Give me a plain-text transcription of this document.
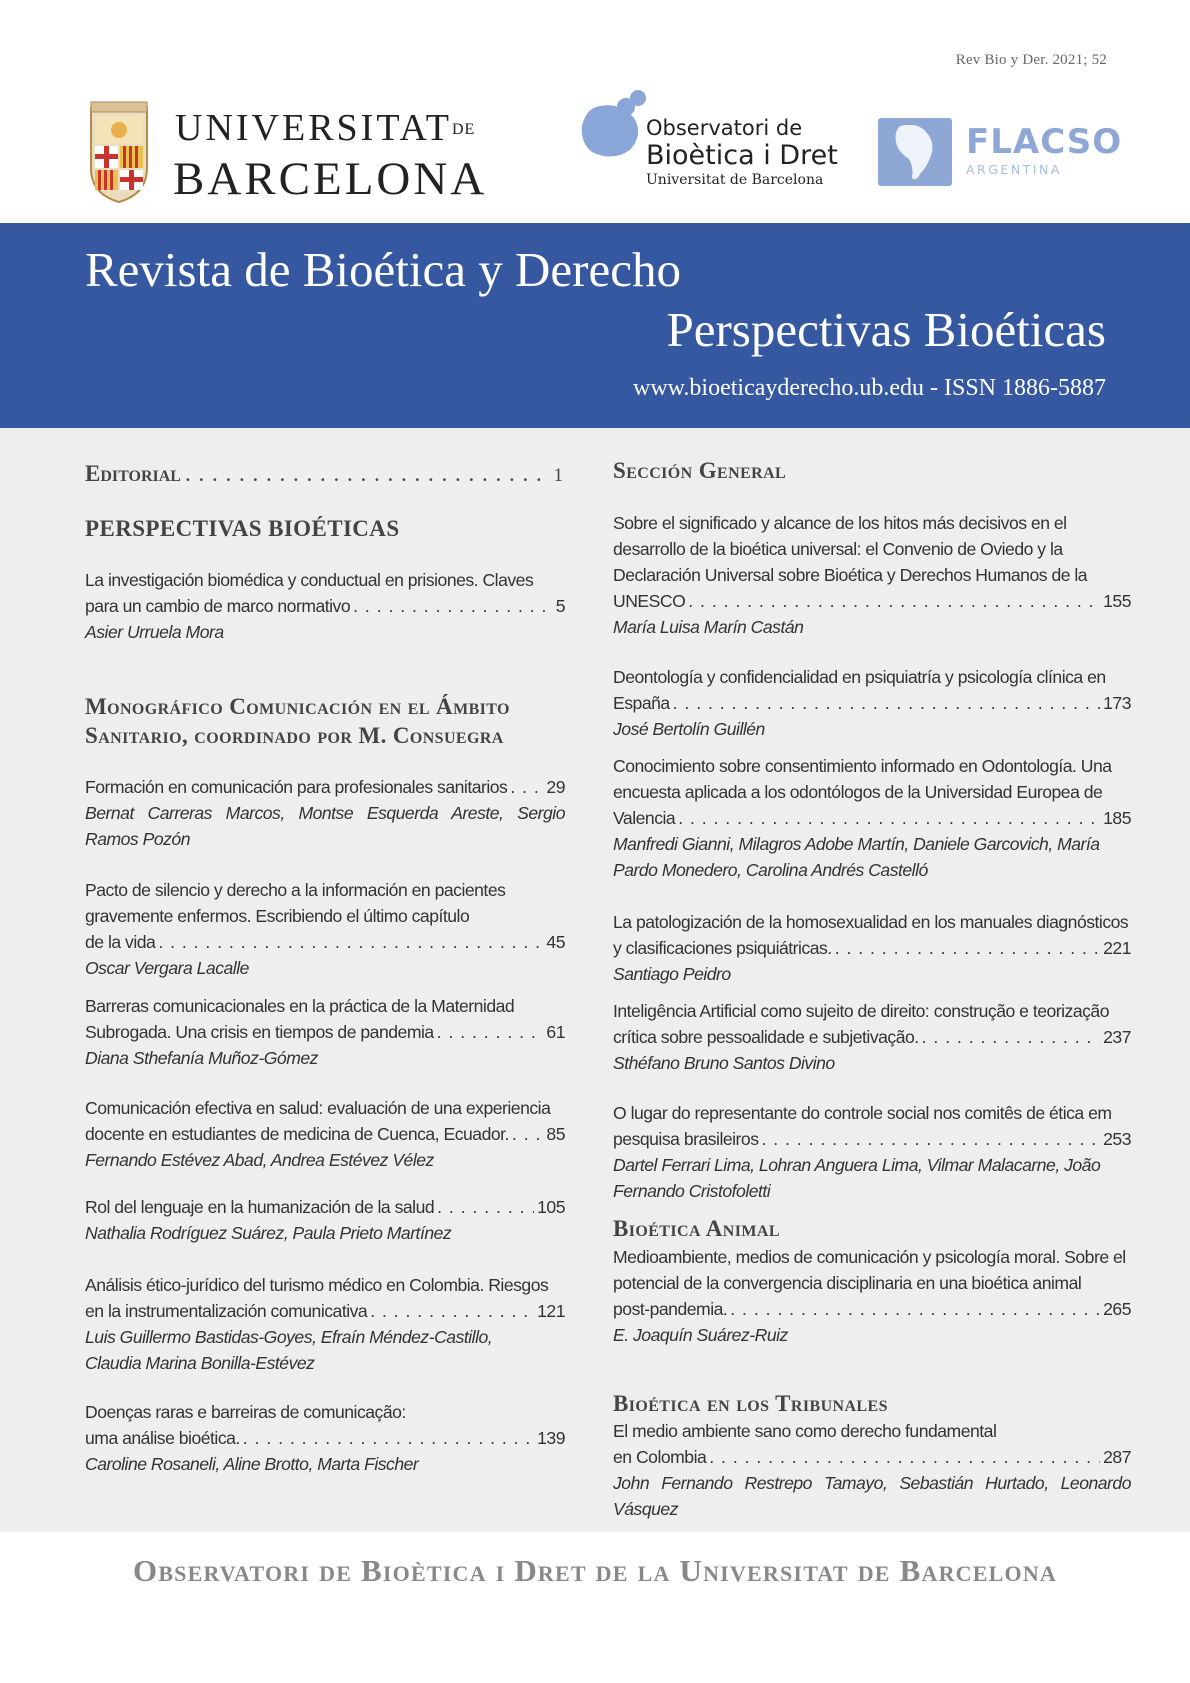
Rev Bio y Der. 2021; 52
UNIVERSITATDE
BARCELONA
Observatori de
Bioètica i Dret
Universitat de Barcelona
FLACSO
ARGENTINA
Revista de Bioética y Derecho
Perspectivas Bioéticas
www.bioeticayderecho.ub.edu - ISSN 1886-5887
Editorial . . .	1
PERSPECTIVAS BIOÉTICAS
La investigación biomédica y conductual en prisiones. Claves
para un cambio de marco normativo . . .	5
Asier Urruela Mora
Monográfico Comunicación en el Ámbito
Sanitario, coordinado por M. Consuegra
Formación en comunicación para profesionales sanitarios . . . 29
Bernat Carreras Marcos, Montse Esquerda Areste, Sergio
Ramos Pozón
Pacto de silencio y derecho a la información en pacientes
gravemente enfermos. Escribiendo el último capítulo
de la vida . . .	45
Oscar Vergara Lacalle
Barreras comunicacionales en la práctica de la Maternidad
Subrogada. Una crisis en tiempos de pandemia . . .	61
Diana Sthefanía Muñoz-Gómez
Comunicación efectiva en salud: evaluación de una experiencia
docente en estudiantes de medicina de Cuenca, Ecuador. . . . 85
Fernando Estévez Abad, Andrea Estévez Vélez
Rol del lenguaje en la humanización de la salud . . .	105
Nathalia Rodríguez Suárez, Paula Prieto Martínez
Análisis ético-jurídico del turismo médico en Colombia. Riesgos
en la instrumentalización comunicativa . . .	121
Luis Guillermo Bastidas-Goyes, Efraín Méndez-Castillo,
Claudia Marina Bonilla-Estévez
Doenças raras e barreiras de comunicação:
uma análise bioética. . . .	139
Caroline Rosaneli, Aline Brotto, Marta Fischer
Sección General
Sobre el significado y alcance de los hitos más decisivos en el
desarrollo de la bioética universal: el Convenio de Oviedo y la
Declaración Universal sobre Bioética y Derechos Humanos de la
UNESCO . . .	155
María Luisa Marín Castán
Deontología y confidencialidad en psiquiatría y psicología clínica en
España . . .	173
José Bertolín Guillén
Conocimiento sobre consentimiento informado en Odontología. Una
encuesta aplicada a los odontólogos de la Universidad Europea de
Valencia . . .	185
Manfredi Gianni, Milagros Adobe Martín, Daniele Garcovich, María
Pardo Monedero, Carolina Andrés Castelló
La patologización de la homosexualidad en los manuales diagnósticos
y clasificaciones psiquiátricas. . . .	221
Santiago Peidro
Inteligência Artificial como sujeito de direito: construção e teorização
crítica sobre pessoalidade e subjetivação. . . .	237
Sthéfano Bruno Santos Divino
O lugar do representante do controle social nos comitês de ética em
pesquisa brasileiros . . .	253
Dartel Ferrari Lima, Lohran Anguera Lima, Vilmar Malacarne, João
Fernando Cristofoletti
Bioética Animal
Medioambiente, medios de comunicación y psicología moral. Sobre el
potencial de la convergencia disciplinaria en una bioética animal
post-pandemia. . . .	265
E. Joaquín Suárez-Ruiz
Bioética en los Tribunales
El medio ambiente sano como derecho fundamental
en Colombia . . .	287
John Fernando Restrepo Tamayo, Sebastián Hurtado, Leonardo
Vásquez
Observatori de Bioètica i Dret de la Universitat de Barcelona
